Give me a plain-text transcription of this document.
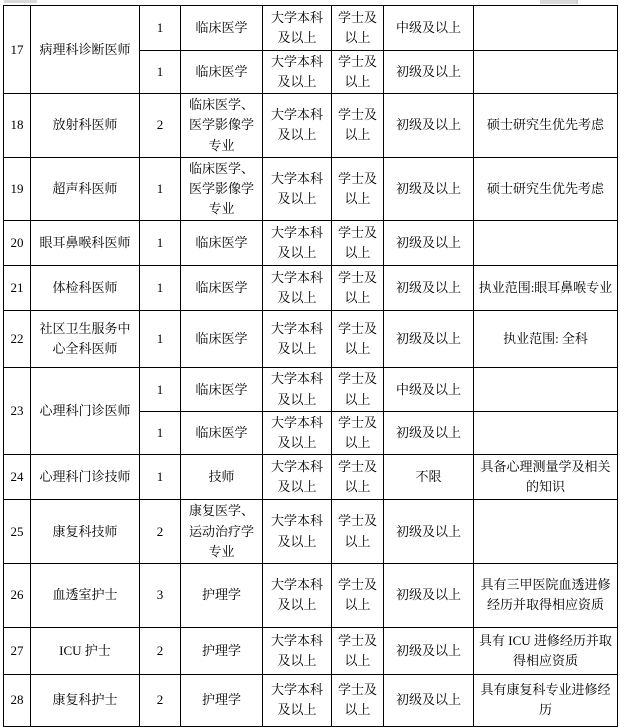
17	病理科诊断医师	1	临床医学	大学本科及以上	学士及以上	中级及以上	
		1	临床医学	大学本科及以上	学士及以上	初级及以上	
18	放射科医师	2	临床医学、医学影像学专业	大学本科及以上	学士及以上	初级及以上	硕士研究生优先考虑
19	超声科医师	1	临床医学、医学影像学专业	大学本科及以上	学士及以上	初级及以上	硕士研究生优先考虑
20	眼耳鼻喉科医师	1	临床医学	大学本科及以上	学士及以上	初级及以上	
21	体检科医师	1	临床医学	大学本科及以上	学士及以上	初级及以上	执业范围:眼耳鼻喉专业
22	社区卫生服务中心全科医师	1	临床医学	大学本科及以上	学士及以上	初级及以上	执业范围: 全科
23	心理科门诊医师	1	临床医学	大学本科及以上	学士及以上	中级及以上	
		1	临床医学	大学本科及以上	学士及以上	初级及以上	
24	心理科门诊技师	1	技师	大学本科及以上	学士及以上	不限	具备心理测量学及相关的知识
25	康复科技师	2	康复医学、运动治疗学专业	大学本科及以上	学士及以上	初级及以上	
26	血透室护士	3	护理学	大学本科及以上	学士及以上	初级及以上	具有三甲医院血透进修经历并取得相应资质
27	ICU 护士	2	护理学	大学本科及以上	学士及以上	初级及以上	具有 ICU 进修经历并取得相应资质
28	康复科护士	2	护理学	大学本科及以上	学士及以上	初级及以上	具有康复科专业进修经历
